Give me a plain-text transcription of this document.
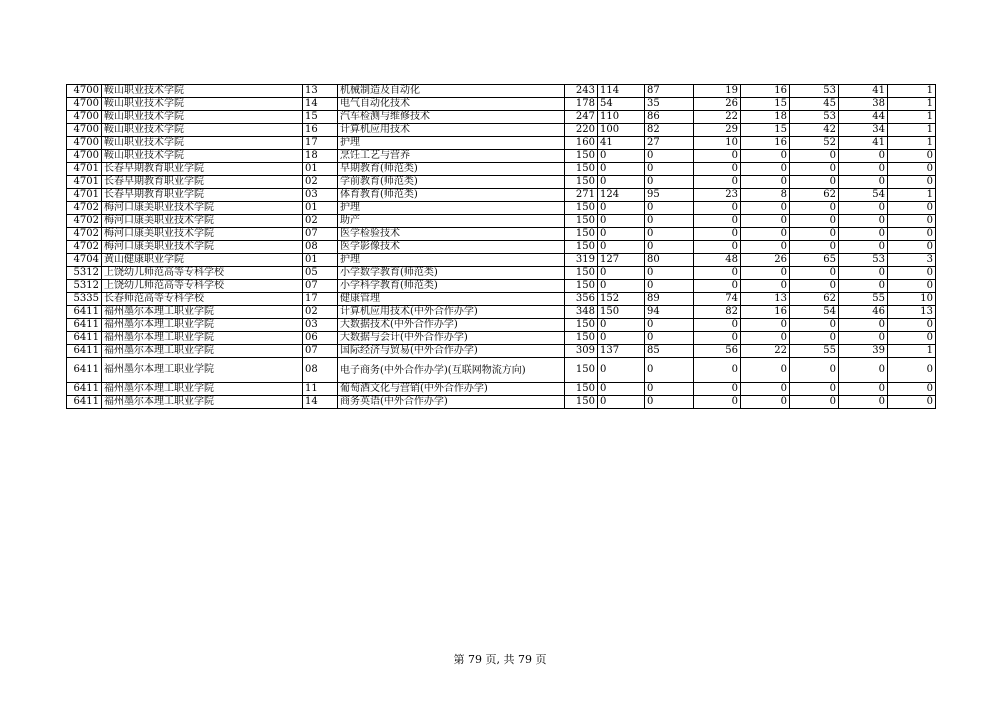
4700	鞍山职业技术学院	13	机械制造及自动化	243	114	87	19	16	53	41	1
4700	鞍山职业技术学院	14	电气自动化技术	178	54	35	26	15	45	38	1
4700	鞍山职业技术学院	15	汽车检测与维修技术	247	110	86	22	18	53	44	1
4700	鞍山职业技术学院	16	计算机应用技术	220	100	82	29	15	42	34	1
4700	鞍山职业技术学院	17	护理	160	41	27	10	16	52	41	1
4700	鞍山职业技术学院	18	烹饪工艺与营养	150	0	0	0	0	0	0	0
4701	长春早期教育职业学院	01	早期教育(师范类)	150	0	0	0	0	0	0	0
4701	长春早期教育职业学院	02	学前教育(师范类)	150	0	0	0	0	0	0	0
4701	长春早期教育职业学院	03	体育教育(师范类)	271	124	95	23	8	62	54	1
4702	梅河口康美职业技术学院	01	护理	150	0	0	0	0	0	0	0
4702	梅河口康美职业技术学院	02	助产	150	0	0	0	0	0	0	0
4702	梅河口康美职业技术学院	07	医学检验技术	150	0	0	0	0	0	0	0
4702	梅河口康美职业技术学院	08	医学影像技术	150	0	0	0	0	0	0	0
4704	黄山健康职业学院	01	护理	319	127	80	48	26	65	53	3
5312	上饶幼儿师范高等专科学校	05	小学数学教育(师范类)	150	0	0	0	0	0	0	0
5312	上饶幼儿师范高等专科学校	07	小学科学教育(师范类)	150	0	0	0	0	0	0	0
5335	长春师范高等专科学校	17	健康管理	356	152	89	74	13	62	55	10
6411	福州墨尔本理工职业学院	02	计算机应用技术(中外合作办学)	348	150	94	82	16	54	46	13
6411	福州墨尔本理工职业学院	03	大数据技术(中外合作办学)	150	0	0	0	0	0	0	0
6411	福州墨尔本理工职业学院	06	大数据与会计(中外合作办学)	150	0	0	0	0	0	0	0
6411	福州墨尔本理工职业学院	07	国际经济与贸易(中外合作办学)	309	137	85	56	22	55	39	1
6411	福州墨尔本理工职业学院	08	电子商务(中外合作办学)(互联网物流方向)	150	0	0	0	0	0	0	0
6411	福州墨尔本理工职业学院	11	葡萄酒文化与营销(中外合作办学)	150	0	0	0	0	0	0	0
6411	福州墨尔本理工职业学院	14	商务英语(中外合作办学)	150	0	0	0	0	0	0	0
第 79 页, 共 79 页
